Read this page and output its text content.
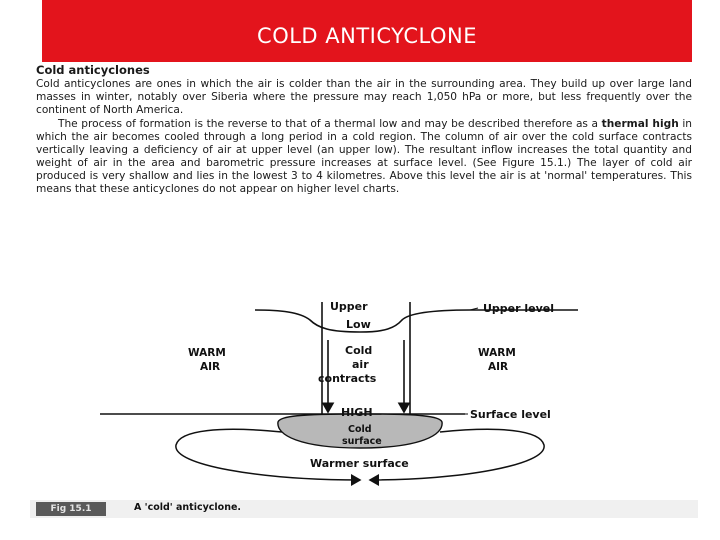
COLD ANTICYCLONE
Cold anticyclones

Cold anticyclones are ones in which the air is colder than the air in the surrounding area. They build up over large land masses in winter, notably over Siberia where the pressure may reach 1,050 hPa or more, but less frequently over the continent of North America.

The process of formation is the reverse to that of a thermal low and may be described therefore as a thermal high in which the air becomes cooled through a long period in a cold region. The column of air over the cold surface contracts vertically leaving a deficiency of air at upper level (an upper low). The resultant inflow increases the total quantity and weight of air in the area and barometric pressure increases at surface level. (See Figure 15.1.) The layer of cold air produced is very shallow and lies in the lowest 3 to 4 kilometres. Above this level the air is at 'normal' temperatures. This means that these anticyclones do not appear on higher level charts.

Upper
Low
Upper level
WARM
AIR
WARM
AIR
Cold
air
contracts
HIGH	Surface level
Cold
surface
Warmer surface
Fig 15.1	A 'cold' anticyclone.
